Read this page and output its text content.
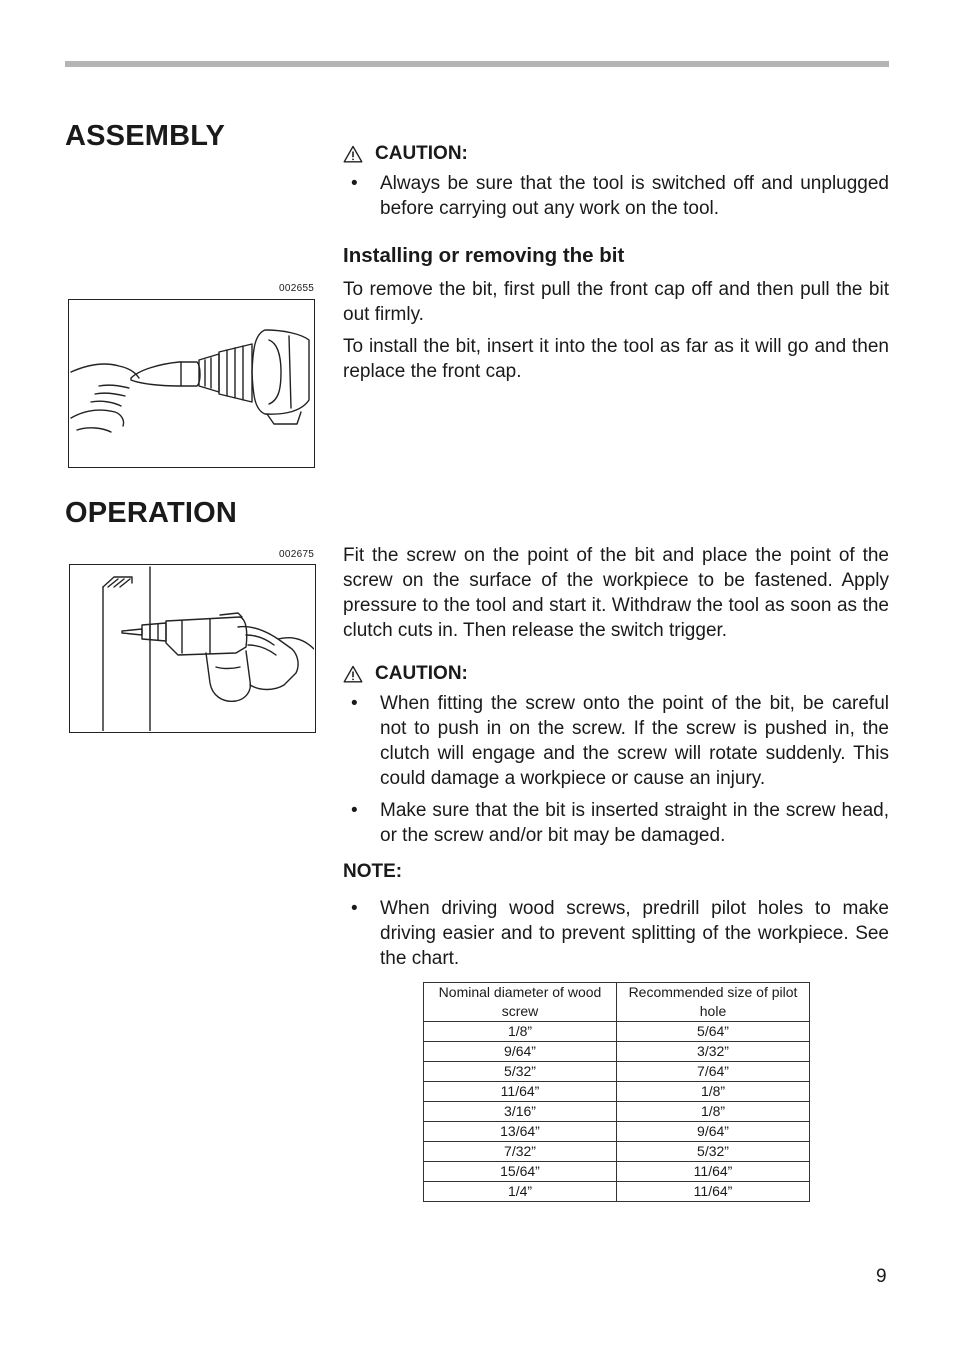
ASSEMBLY
CAUTION:
• Always be sure that the tool is switched off and unplugged before carrying out any work on the tool.
Installing or removing the bit
002655 To remove the bit, first pull the front cap off and then pull the bit out firmly.

To install the bit, insert it into the tool as far as it will go and then replace the front cap.

OPERATION
002675 Fit the screw on the point of the bit and place the point of the screw on the surface of the workpiece to be fastened. Apply pressure to the tool and start it. Withdraw the tool as soon as the clutch cuts in. Then release the switch trigger.

CAUTION:
• When fitting the screw onto the point of the bit, be careful not to push in on the screw. If the screw is pushed in, the clutch will engage and the screw will rotate suddenly. This could damage a workpiece or cause an injury.
• Make sure that the bit is inserted straight in the screw head, or the screw and/or bit may be damaged.
NOTE:
• When driving wood screws, predrill pilot holes to make driving easier and to prevent splitting of the workpiece. See the chart.
Nominal diameter of wood screw	Recommended size of pilot hole
1/8”	5/64”
9/64”	3/32”
5/32”	7/64”
11/64”	1/8”
3/16”	1/8”
13/64”	9/64”
7/32”	5/32”
15/64”	11/64”
1/4”	11/64”
9
